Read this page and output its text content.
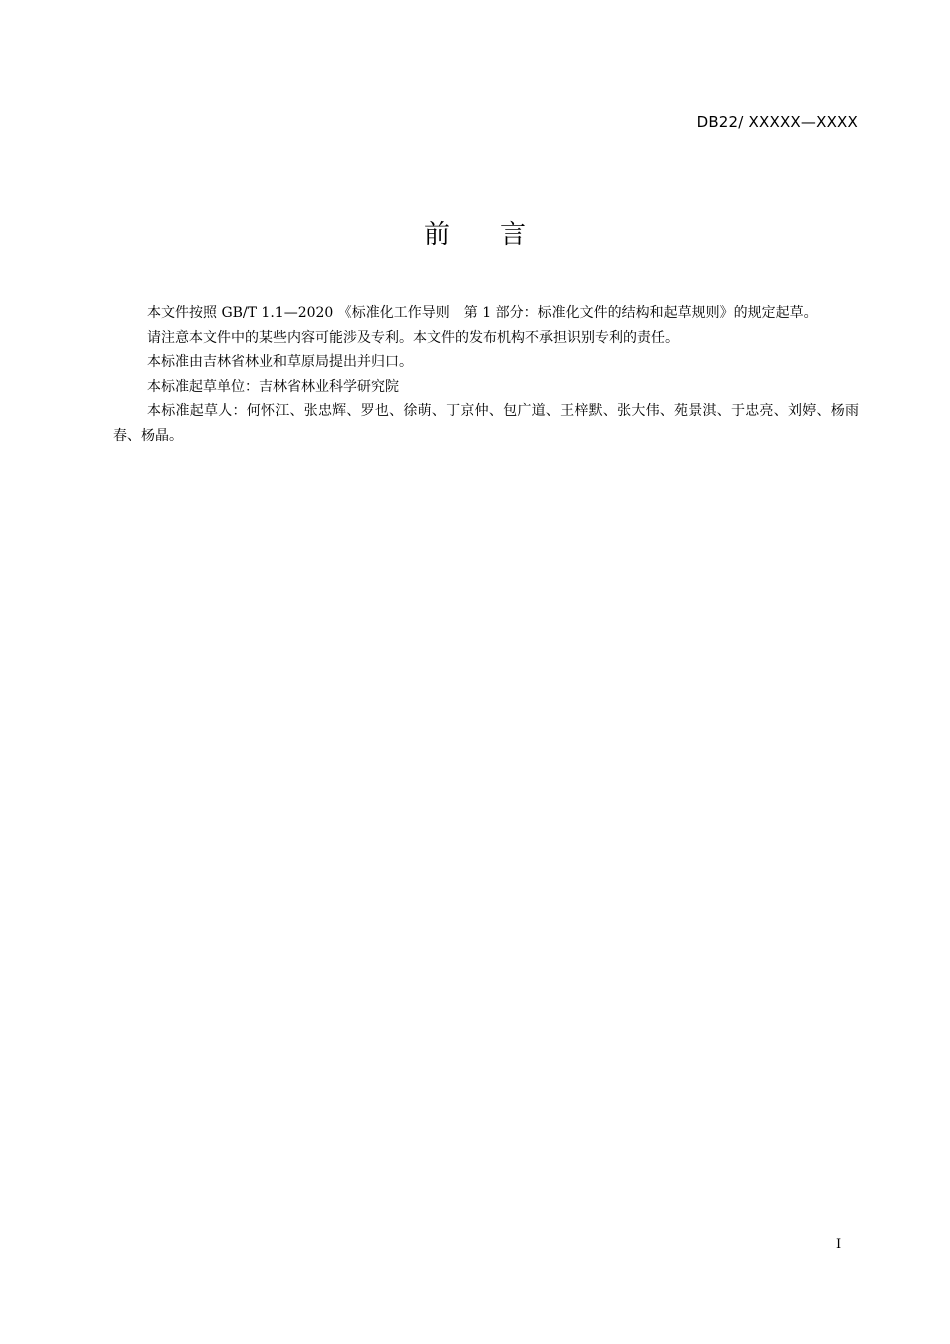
DB22/ XXXXX—XXXX
前 言

本文件按照 GB/T 1.1—2020 《标准化工作导则　第 1 部分：标准化文件的结构和起草规则》的规定起草。

请注意本文件中的某些内容可能涉及专利。本文件的发布机构不承担识别专利的责任。

本标准由吉林省林业和草原局提出并归口。

本标准起草单位：吉林省林业科学研究院

本标准起草人：何怀江、张忠辉、罗也、徐萌、丁京仲、包广道、王梓默、张大伟、苑景淇、于忠亮、刘婷、杨雨春、杨晶。

I
